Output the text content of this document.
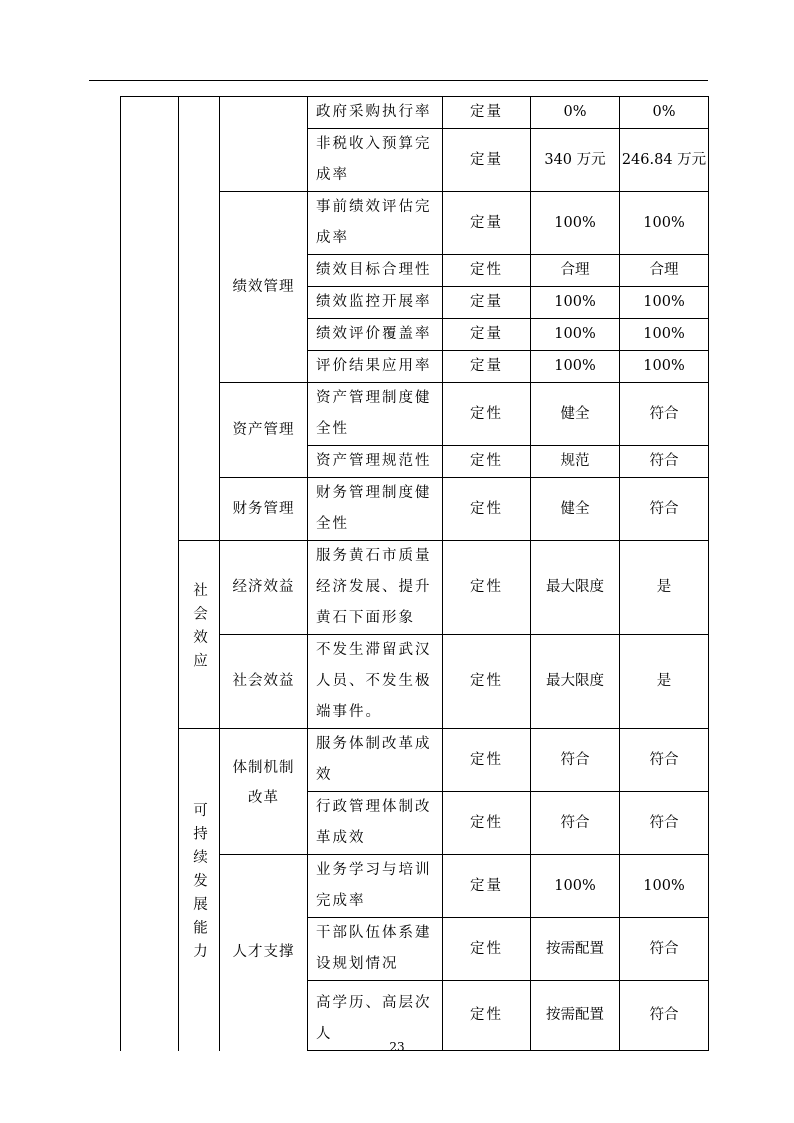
			政府采购执行率	定量	0%	0%
			非税收入预算完成率	定量	340 万元	246.84 万元
		绩效管理	事前绩效评估完成率	定量	100%	100%
			绩效目标合理性	定性	合理	合理
			绩效监控开展率	定量	100%	100%
			绩效评价覆盖率	定量	100%	100%
			评价结果应用率	定量	100%	100%
		资产管理	资产管理制度健全性	定性	健全	符合
			资产管理规范性	定性	规范	符合
		财务管理	财务管理制度健全性	定性	健全	符合
	社会效应	经济效益	服务黄石市质量经济发展、提升黄石下面形象	定性	最大限度	是
		社会效益	不发生滞留武汉人员、不发生极端事件。	定性	最大限度	是
	可持续发展能力	体制机制改革	服务体制改革成效	定性	符合	符合
			行政管理体制改革成效	定性	符合	符合
		人才支撑	业务学习与培训完成率	定量	100%	100%
			干部队伍体系建设规划情况	定性	按需配置	符合
			高学历、高层次人	定性	按需配置	符合
23
